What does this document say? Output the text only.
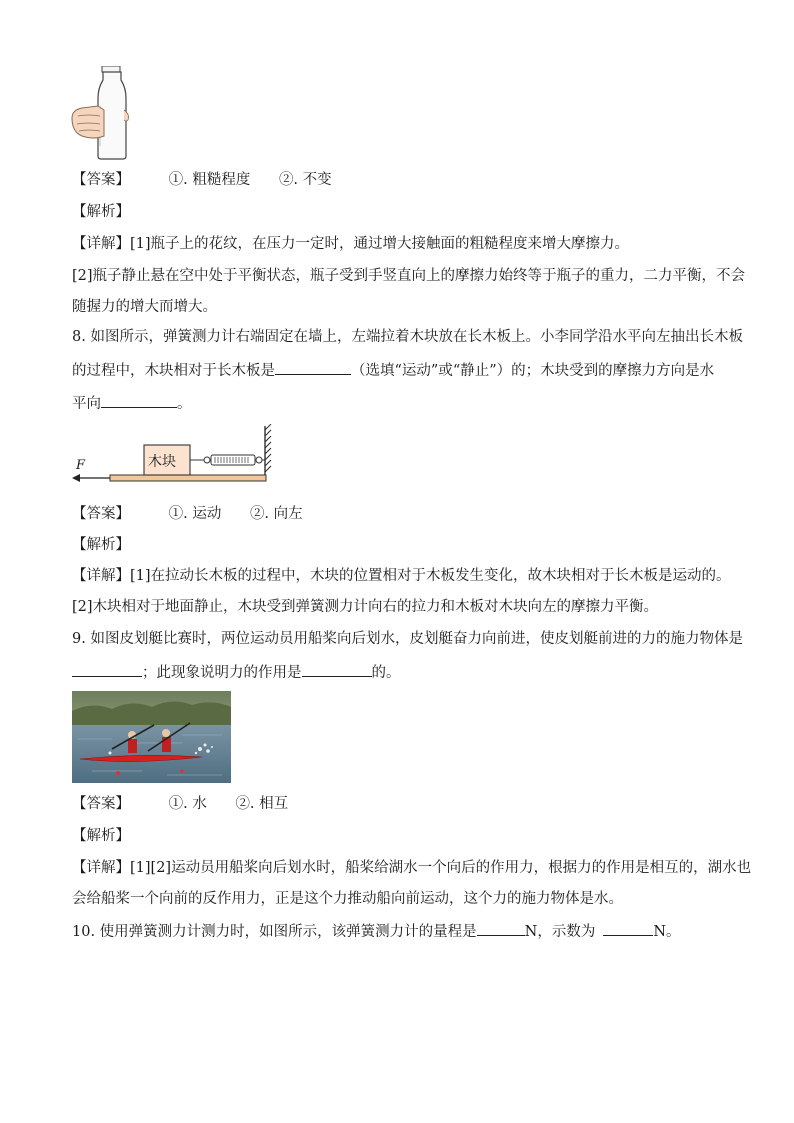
【答案】	①. 粗糙程度 ②. 不变
【解析】
【详解】[1]瓶子上的花纹，在压力一定时，通过增大接触面的粗糙程度来增大摩擦力。
[2]瓶子静止悬在空中处于平衡状态，瓶子受到手竖直向上的摩擦力始终等于瓶子的重力，二力平衡，不会
随握力的增大而增大。
8. 如图所示，弹簧测力计右端固定在墙上，左端拉着木块放在长木板上。小李同学沿水平向左抽出长木板
的过程中，木块相对于长木板是	（选填“运动”或“静止”）的；木块受到的摩擦力方向是水
平向	。
木块
F
【答案】	①. 运动 ②. 向左
【解析】
【详解】[1]在拉动长木板的过程中，木块的位置相对于木板发生变化，故木块相对于长木板是运动的。
[2]木块相对于地面静止，木块受到弹簧测力计向右的拉力和木板对木块向左的摩擦力平衡。
9. 如图皮划艇比赛时，两位运动员用船桨向后划水，皮划艇奋力向前进，使皮划艇前进的力的施力物体是
；此现象说明力的作用是	的。
【答案】	①. 水 ②. 相互
【解析】
【详解】[1][2]运动员用船桨向后划水时，船桨给湖水一个向后的作用力，根据力的作用是相互的，湖水也
会给船桨一个向前的反作用力，正是这个力推动船向前运动，这个力的施力物体是水。
10. 使用弹簧测力计测力时，如图所示，该弹簧测力计的量程是	N，示数为	N。
